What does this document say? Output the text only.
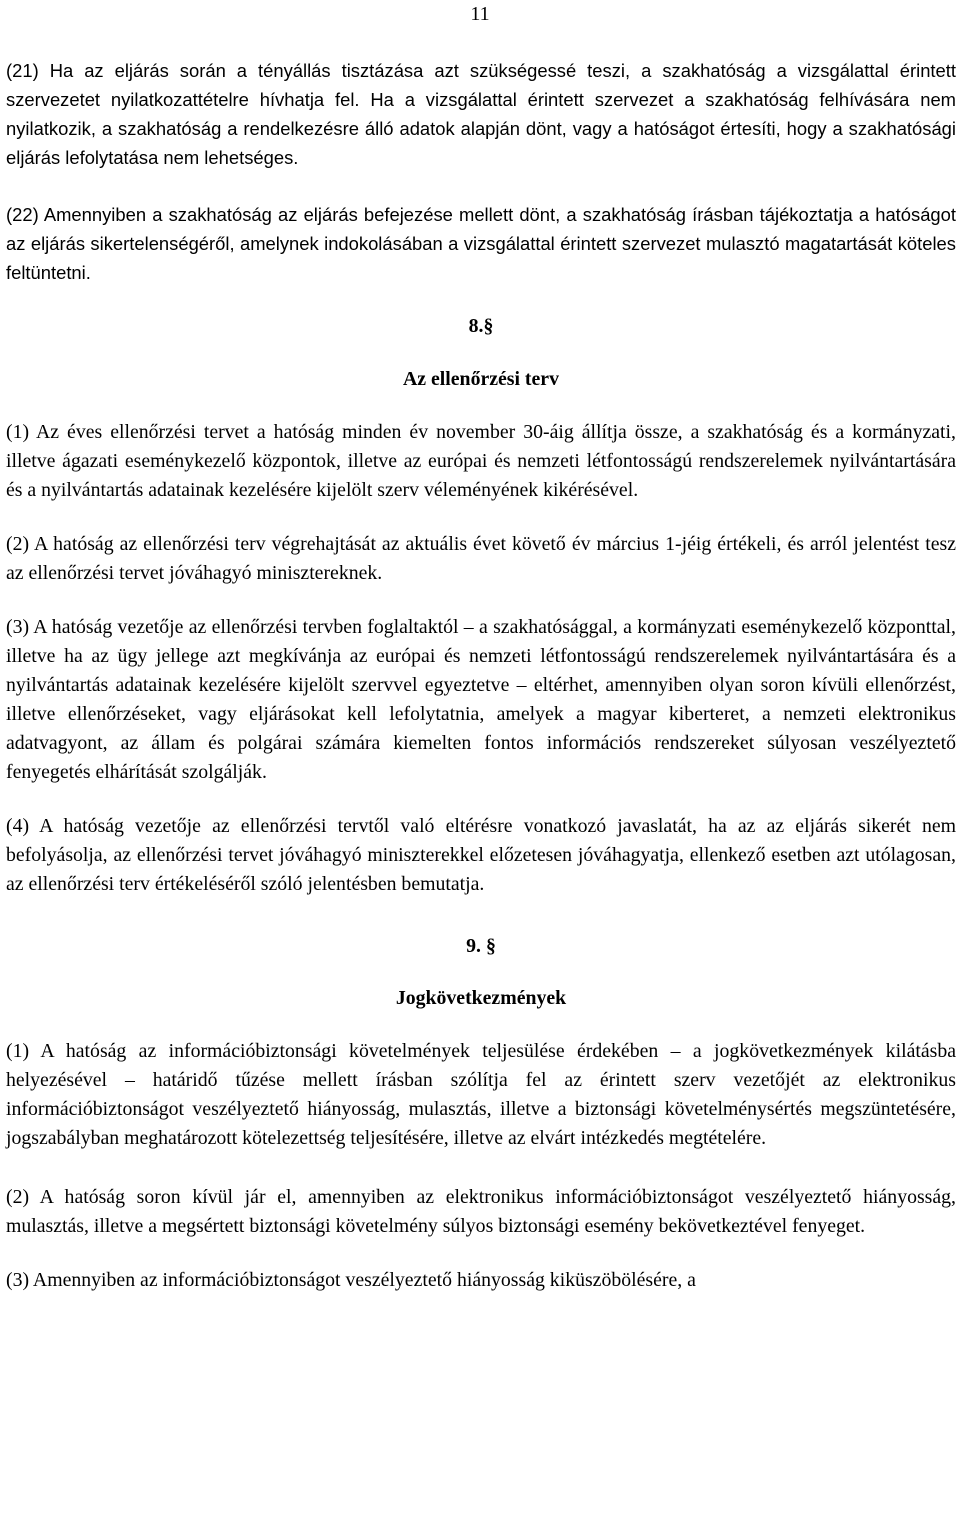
11

(21) Ha az eljárás során a tényállás tisztázása azt szükségessé teszi, a szakhatóság a vizsgálattal érintett szervezetet nyilatkozattételre hívhatja fel. Ha a vizsgálattal érintett szervezet a szakhatóság felhívására nem nyilatkozik, a szakhatóság a rendelkezésre álló adatok alapján dönt, vagy a hatóságot értesíti, hogy a szakhatósági eljárás lefolytatása nem lehetséges.

(22) Amennyiben a szakhatóság az eljárás befejezése mellett dönt, a szakhatóság írásban tájékoztatja a hatóságot az eljárás sikertelenségéről, amelynek indokolásában a vizsgálattal érintett szervezet mulasztó magatartását köteles feltüntetni.

8.§
Az ellenőrzési terv

(1) Az éves ellenőrzési tervet a hatóság minden év november 30-áig állítja össze, a szakhatóság és a kormányzati, illetve ágazati eseménykezelő központok, illetve az európai és nemzeti létfontosságú rendszerelemek nyilvántartására és a nyilvántartás adatainak kezelésére kijelölt szerv véleményének kikérésével.

(2) A hatóság az ellenőrzési terv végrehajtását az aktuális évet követő év március 1-jéig értékeli, és arról jelentést tesz az ellenőrzési tervet jóváhagyó minisztereknek.

(3) A hatóság vezetője az ellenőrzési tervben foglaltaktól – a szakhatósággal, a kormányzati eseménykezelő központtal, illetve ha az ügy jellege azt megkívánja az európai és nemzeti létfontosságú rendszerelemek nyilvántartására és a nyilvántartás adatainak kezelésére kijelölt szervvel egyeztetve – eltérhet, amennyiben olyan soron kívüli ellenőrzést, illetve ellenőrzéseket, vagy eljárásokat kell lefolytatnia, amelyek a magyar kiberteret, a nemzeti elektronikus adatvagyont, az állam és polgárai számára kiemelten fontos információs rendszereket súlyosan veszélyeztető fenyegetés elhárítását szolgálják.

(4) A hatóság vezetője az ellenőrzési tervtől való eltérésre vonatkozó javaslatát, ha az az eljárás sikerét nem befolyásolja, az ellenőrzési tervet jóváhagyó miniszterekkel előzetesen jóváhagyatja, ellenkező esetben azt utólagosan, az ellenőrzési terv értékeléséről szóló jelentésben bemutatja.

9. §
Jogkövetkezmények

(1) A hatóság az információbiztonsági követelmények teljesülése érdekében – a jogkövetkezmények kilátásba helyezésével – határidő tűzése mellett írásban szólítja fel az érintett szerv vezetőjét az elektronikus információbiztonságot veszélyeztető hiányosság, mulasztás, illetve a biztonsági követelménysértés megszüntetésére, jogszabályban meghatározott kötelezettség teljesítésére, illetve az elvárt intézkedés megtételére.

(2) A hatóság soron kívül jár el, amennyiben az elektronikus információbiztonságot veszélyeztető hiányosság, mulasztás, illetve a megsértett biztonsági követelmény súlyos biztonsági esemény bekövetkeztével fenyeget.

(3) Amennyiben az információbiztonságot veszélyeztető hiányosság kiküszöbölésére, a
